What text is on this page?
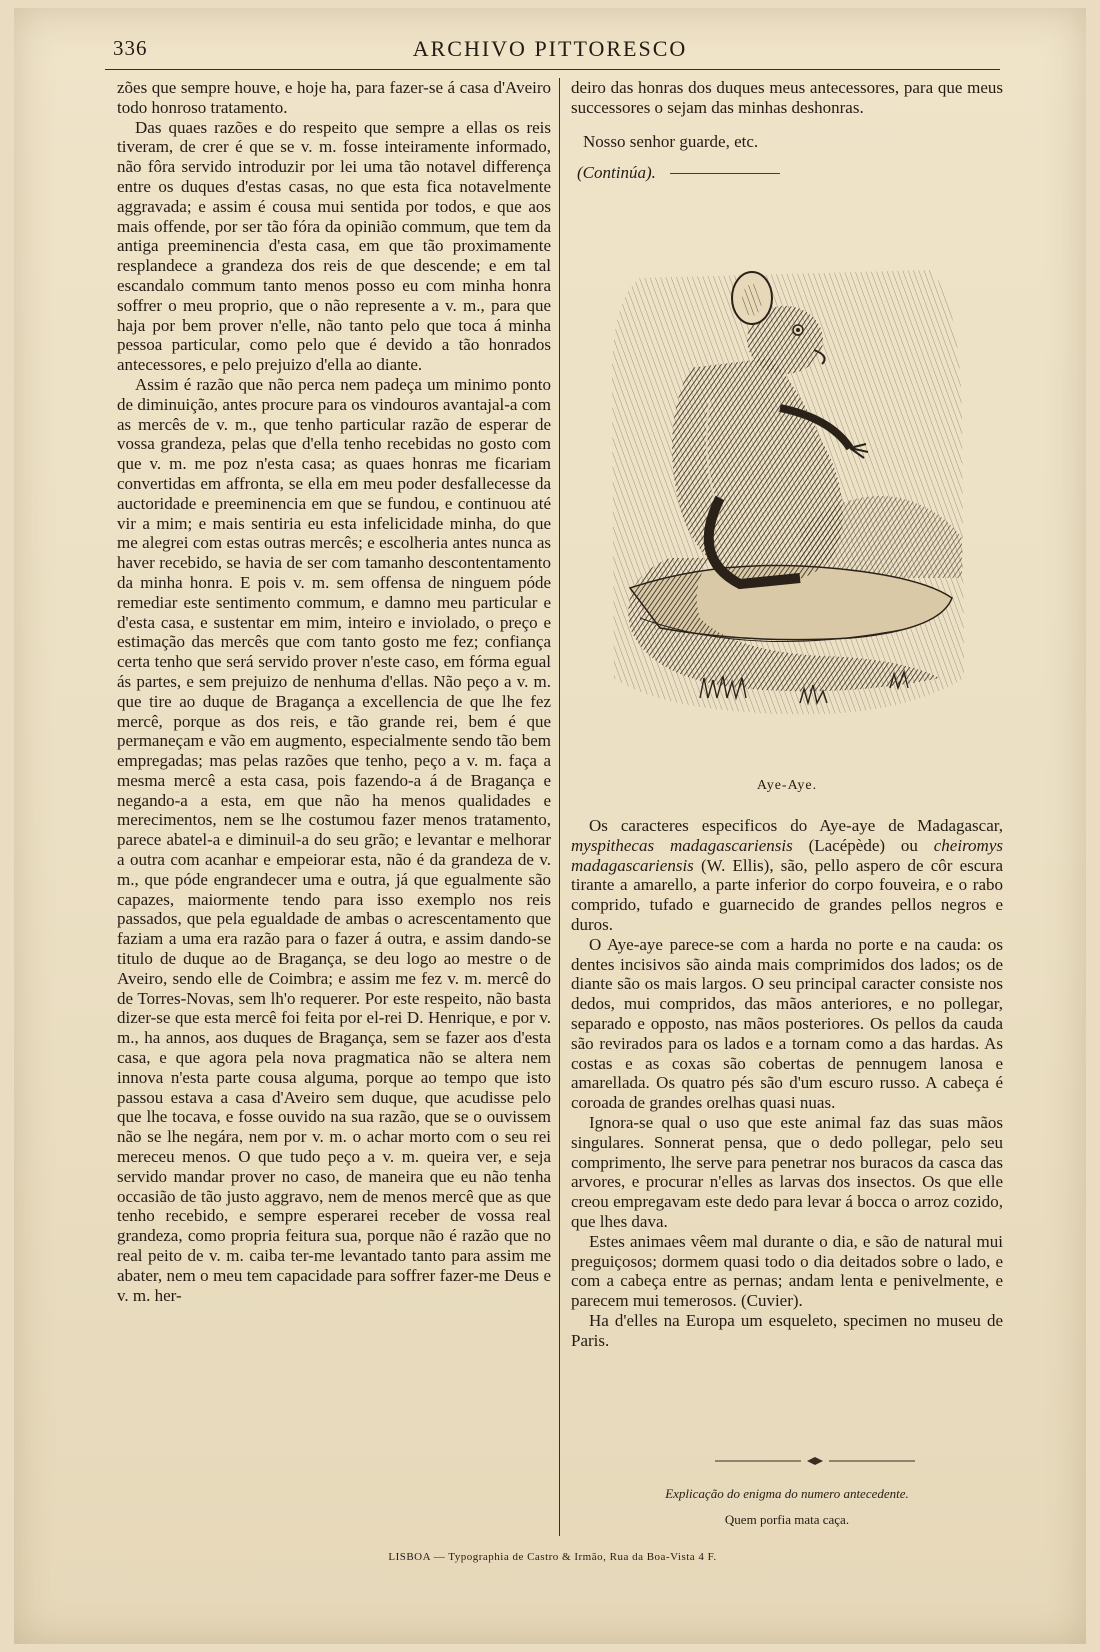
336	ARCHIVO PITTORESCO

zões que sempre houve, e hoje ha, para fazer-se á casa d'Aveiro todo honroso tratamento.

Das quaes razões e do respeito que sempre a ellas os reis tiveram, de crer é que se v. m. fosse inteiramente informado, não fôra servido introduzir por lei uma tão notavel differença entre os duques d'estas casas, no que esta fica notavelmente aggravada; e assim é cousa mui sentida por todos, e que aos mais offende, por ser tão fóra da opinião commum, que tem da antiga preeminencia d'esta casa, em que tão proximamente resplandece a grandeza dos reis de que descende; e em tal escandalo commum tanto menos posso eu com minha honra soffrer o meu proprio, que o não represente a v. m., para que haja por bem prover n'elle, não tanto pelo que toca á minha pessoa particular, como pelo que é devido a tão honrados antecessores, e pelo prejuizo d'ella ao diante.

Assim é razão que não perca nem padeça um minimo ponto de diminuição, antes procure para os vindouros avantajal-a com as mercês de v. m., que tenho particular razão de esperar de vossa grandeza, pelas que d'ella tenho recebidas no gosto com que v. m. me poz n'esta casa; as quaes honras me ficariam convertidas em affronta, se ella em meu poder desfallecesse da auctoridade e preeminencia em que se fundou, e continuou até vir a mim; e mais sentiria eu esta infelicidade minha, do que me alegrei com estas outras mercês; e escolheria antes nunca as haver recebido, se havia de ser com tamanho descontentamento da minha honra. E pois v. m. sem offensa de ninguem póde remediar este sentimento commum, e damno meu particular e d'esta casa, e sustentar em mim, inteiro e inviolado, o preço e estimação das mercês que com tanto gosto me fez; confiança certa tenho que será servido prover n'este caso, em fórma egual ás partes, e sem prejuizo de nenhuma d'ellas. Não peço a v. m. que tire ao duque de Bragança a excellencia de que lhe fez mercê, porque as dos reis, e tão grande rei, bem é que permaneçam e vão em augmento, especialmente sendo tão bem empregadas; mas pelas razões que tenho, peço a v. m. faça a mesma mercê a esta casa, pois fazendo-a á de Bragança e negando-a a esta, em que não ha menos qualidades e merecimentos, nem se lhe costumou fazer menos tratamento, parece abatel-a e diminuil-a do seu grão; e levantar e melhorar a outra com acanhar e empeiorar esta, não é da grandeza de v. m., que póde engrandecer uma e outra, já que egualmente são capazes, maiormente tendo para isso exemplo nos reis passados, que pela egualdade de ambas o acrescentamento que faziam a uma era razão para o fazer á outra, e assim dando-se titulo de duque ao de Bragança, se deu logo ao mestre o de Aveiro, sendo elle de Coimbra; e assim me fez v. m. mercê do de Torres-Novas, sem lh'o requerer. Por este respeito, não basta dizer-se que esta mercê foi feita por el-rei D. Henrique, e por v. m., ha annos, aos duques de Bragança, sem se fazer aos d'esta casa, e que agora pela nova pragmatica não se altera nem innova n'esta parte cousa alguma, porque ao tempo que isto passou estava a casa d'Aveiro sem duque, que acudisse pelo que lhe tocava, e fosse ouvido na sua razão, que se o ouvissem não se lhe negára, nem por v. m. o achar morto com o seu rei mereceu menos. O que tudo peço a v. m. queira ver, e seja servido mandar prover no caso, de maneira que eu não tenha occasião de tão justo aggravo, nem de menos mercê que as que tenho recebido, e sempre esperarei receber de vossa real grandeza, como propria feitura sua, porque não é razão que no real peito de v. m. caiba ter-me levantado tanto para assim me abater, nem o meu tem capacidade para soffrer fazer-me Deus e v. m. her-

deiro das honras dos duques meus antecessores, para que meus successores o sejam das minhas deshonras.

Nosso senhor guarde, etc.

(Continúa).
Aye-Aye.

Os caracteres especificos do Aye-aye de Madagascar, myspithecas madagascariensis (Lacépède) ou cheiromys madagascariensis (W. Ellis), são, pello aspero de côr escura tirante a amarello, a parte inferior do corpo fouveira, e o rabo comprido, tufado e guarnecido de grandes pellos negros e duros.

O Aye-aye parece-se com a harda no porte e na cauda: os dentes incisivos são ainda mais comprimidos dos lados; os de diante são os mais largos. O seu principal caracter consiste nos dedos, mui compridos, das mãos anteriores, e no pollegar, separado e opposto, nas mãos posteriores. Os pellos da cauda são revirados para os lados e a tornam como a das hardas. As costas e as coxas são cobertas de pennugem lanosa e amarellada. Os quatro pés são d'um escuro russo. A cabeça é coroada de grandes orelhas quasi nuas.

Ignora-se qual o uso que este animal faz das suas mãos singulares. Sonnerat pensa, que o dedo pollegar, pelo seu comprimento, lhe serve para penetrar nos buracos da casca das arvores, e procurar n'elles as larvas dos insectos. Os que elle creou empregavam este dedo para levar á bocca o arroz cozido, que lhes dava.

Estes animaes vêem mal durante o dia, e são de natural mui preguiçosos; dormem quasi todo o dia deitados sobre o lado, e com a cabeça entre as pernas; andam lenta e penivelmente, e parecem mui temerosos. (Cuvier).

Ha d'elles na Europa um esqueleto, specimen no museu de Paris.

Explicação do enigma do numero antecedente.
Quem porfia mata caça.
LISBOA — Typographia de Castro & Irmão, Rua da Boa-Vista 4 F.
